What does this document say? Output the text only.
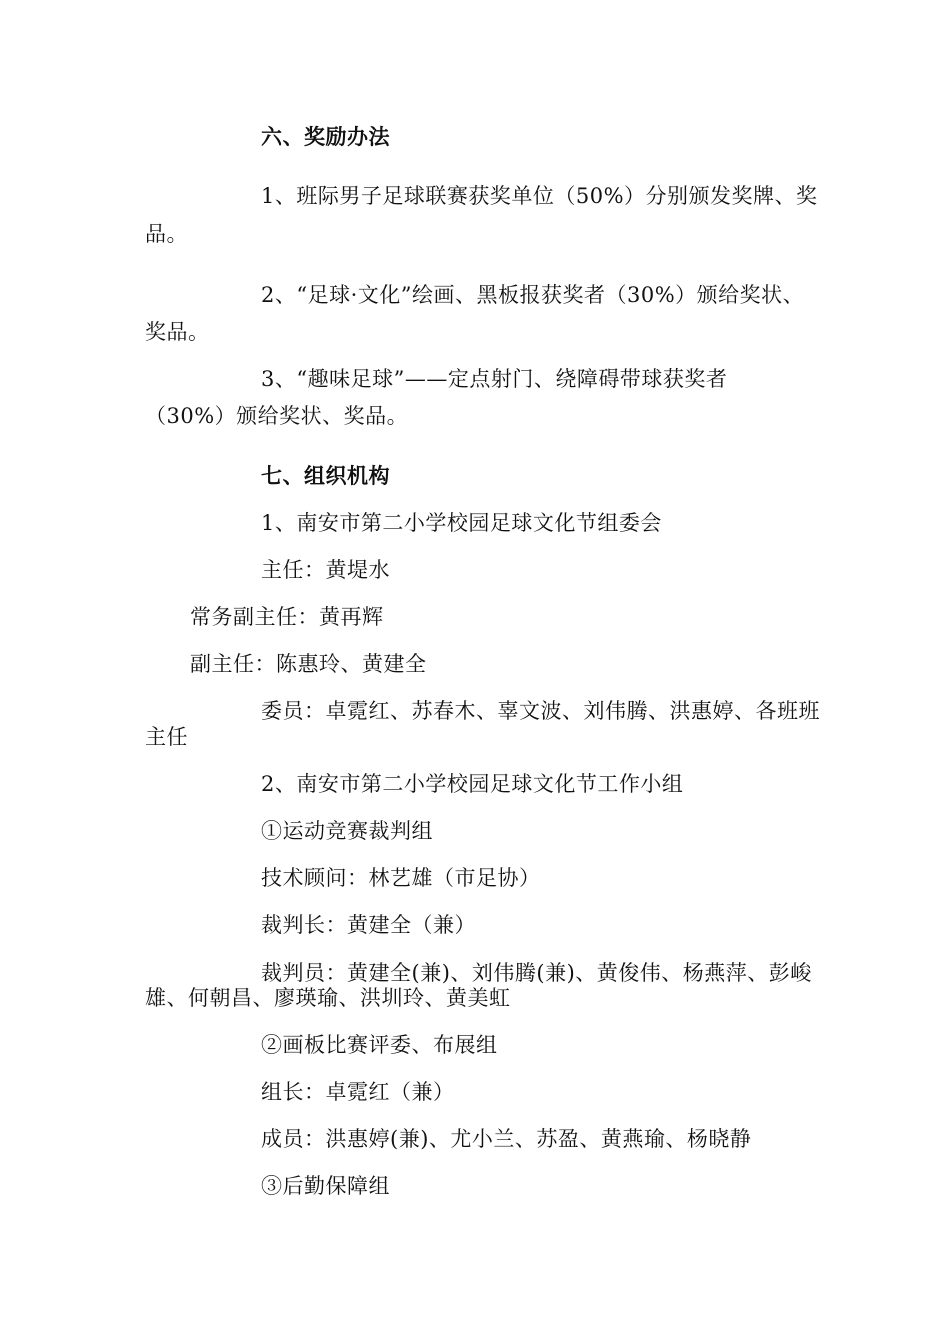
六、奖励办法
1、班际男子足球联赛获奖单位（50%）分别颁发奖牌、奖
品。
2、“足球·文化”绘画、黑板报获奖者（30%）颁给奖状、
奖品。
3、“趣味足球”——定点射门、绕障碍带球获奖者
（30%）颁给奖状、奖品。
七、组织机构
1、南安市第二小学校园足球文化节组委会
主任：黄堤水
常务副主任：黄再辉
副主任：陈惠玲、黄建全
委员：卓霓红、苏春木、辜文波、刘伟腾、洪惠婷、各班班
主任
2、南安市第二小学校园足球文化节工作小组
①运动竞赛裁判组
技术顾问：林艺雄（市足协）
裁判长：黄建全（兼）
裁判员：黄建全(兼)、刘伟腾(兼)、黄俊伟、杨燕萍、彭峻
雄、何朝昌、廖瑛瑜、洪圳玲、黄美虹
②画板比赛评委、布展组
组长：卓霓红（兼）
成员：洪惠婷(兼)、尤小兰、苏盈、黄燕瑜、杨晓静
③后勤保障组
